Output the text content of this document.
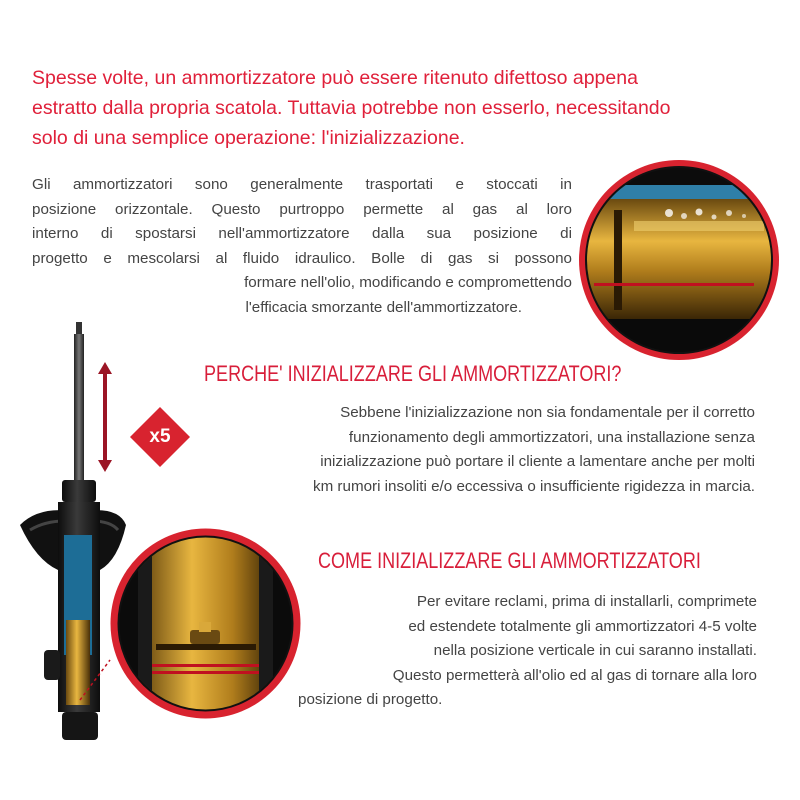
Spesse volte, un ammortizzatore può essere ritenuto difettoso appena
estratto dalla propria scatola. Tuttavia potrebbe non esserlo, necessitando
solo di una semplice operazione: l'inizializzazione.
Gli ammortizzatori sono generalmente trasportati e stoccati in
posizione orizzontale. Questo purtroppo permette al gas al loro
interno di spostarsi nell'ammortizzatore dalla sua posizione di
progetto e mescolarsi al fluido idraulico. Bolle di gas si possono
formare nell'olio, modificando e compromettendo
l'efficacia smorzante dell'ammortizzatore.
PERCHE' INIZIALIZZARE GLI AMMORTIZZATORI?
x5
Sebbene l'inizializzazione non sia fondamentale per il corretto
funzionamento degli ammortizzatori, una installazione senza
inizializzazione può portare il cliente a lamentare anche per molti
km rumori insoliti e/o eccessiva o insufficiente rigidezza in marcia.
COME INIZIALIZZARE GLI AMMORTIZZATORI
Per evitare reclami, prima di installarli, comprimete
ed estendete totalmente gli ammortizzatori 4-5 volte
nella posizione verticale in cui saranno installati.
Questo permetterà all'olio ed al gas di tornare alla loro
posizione di progetto.
